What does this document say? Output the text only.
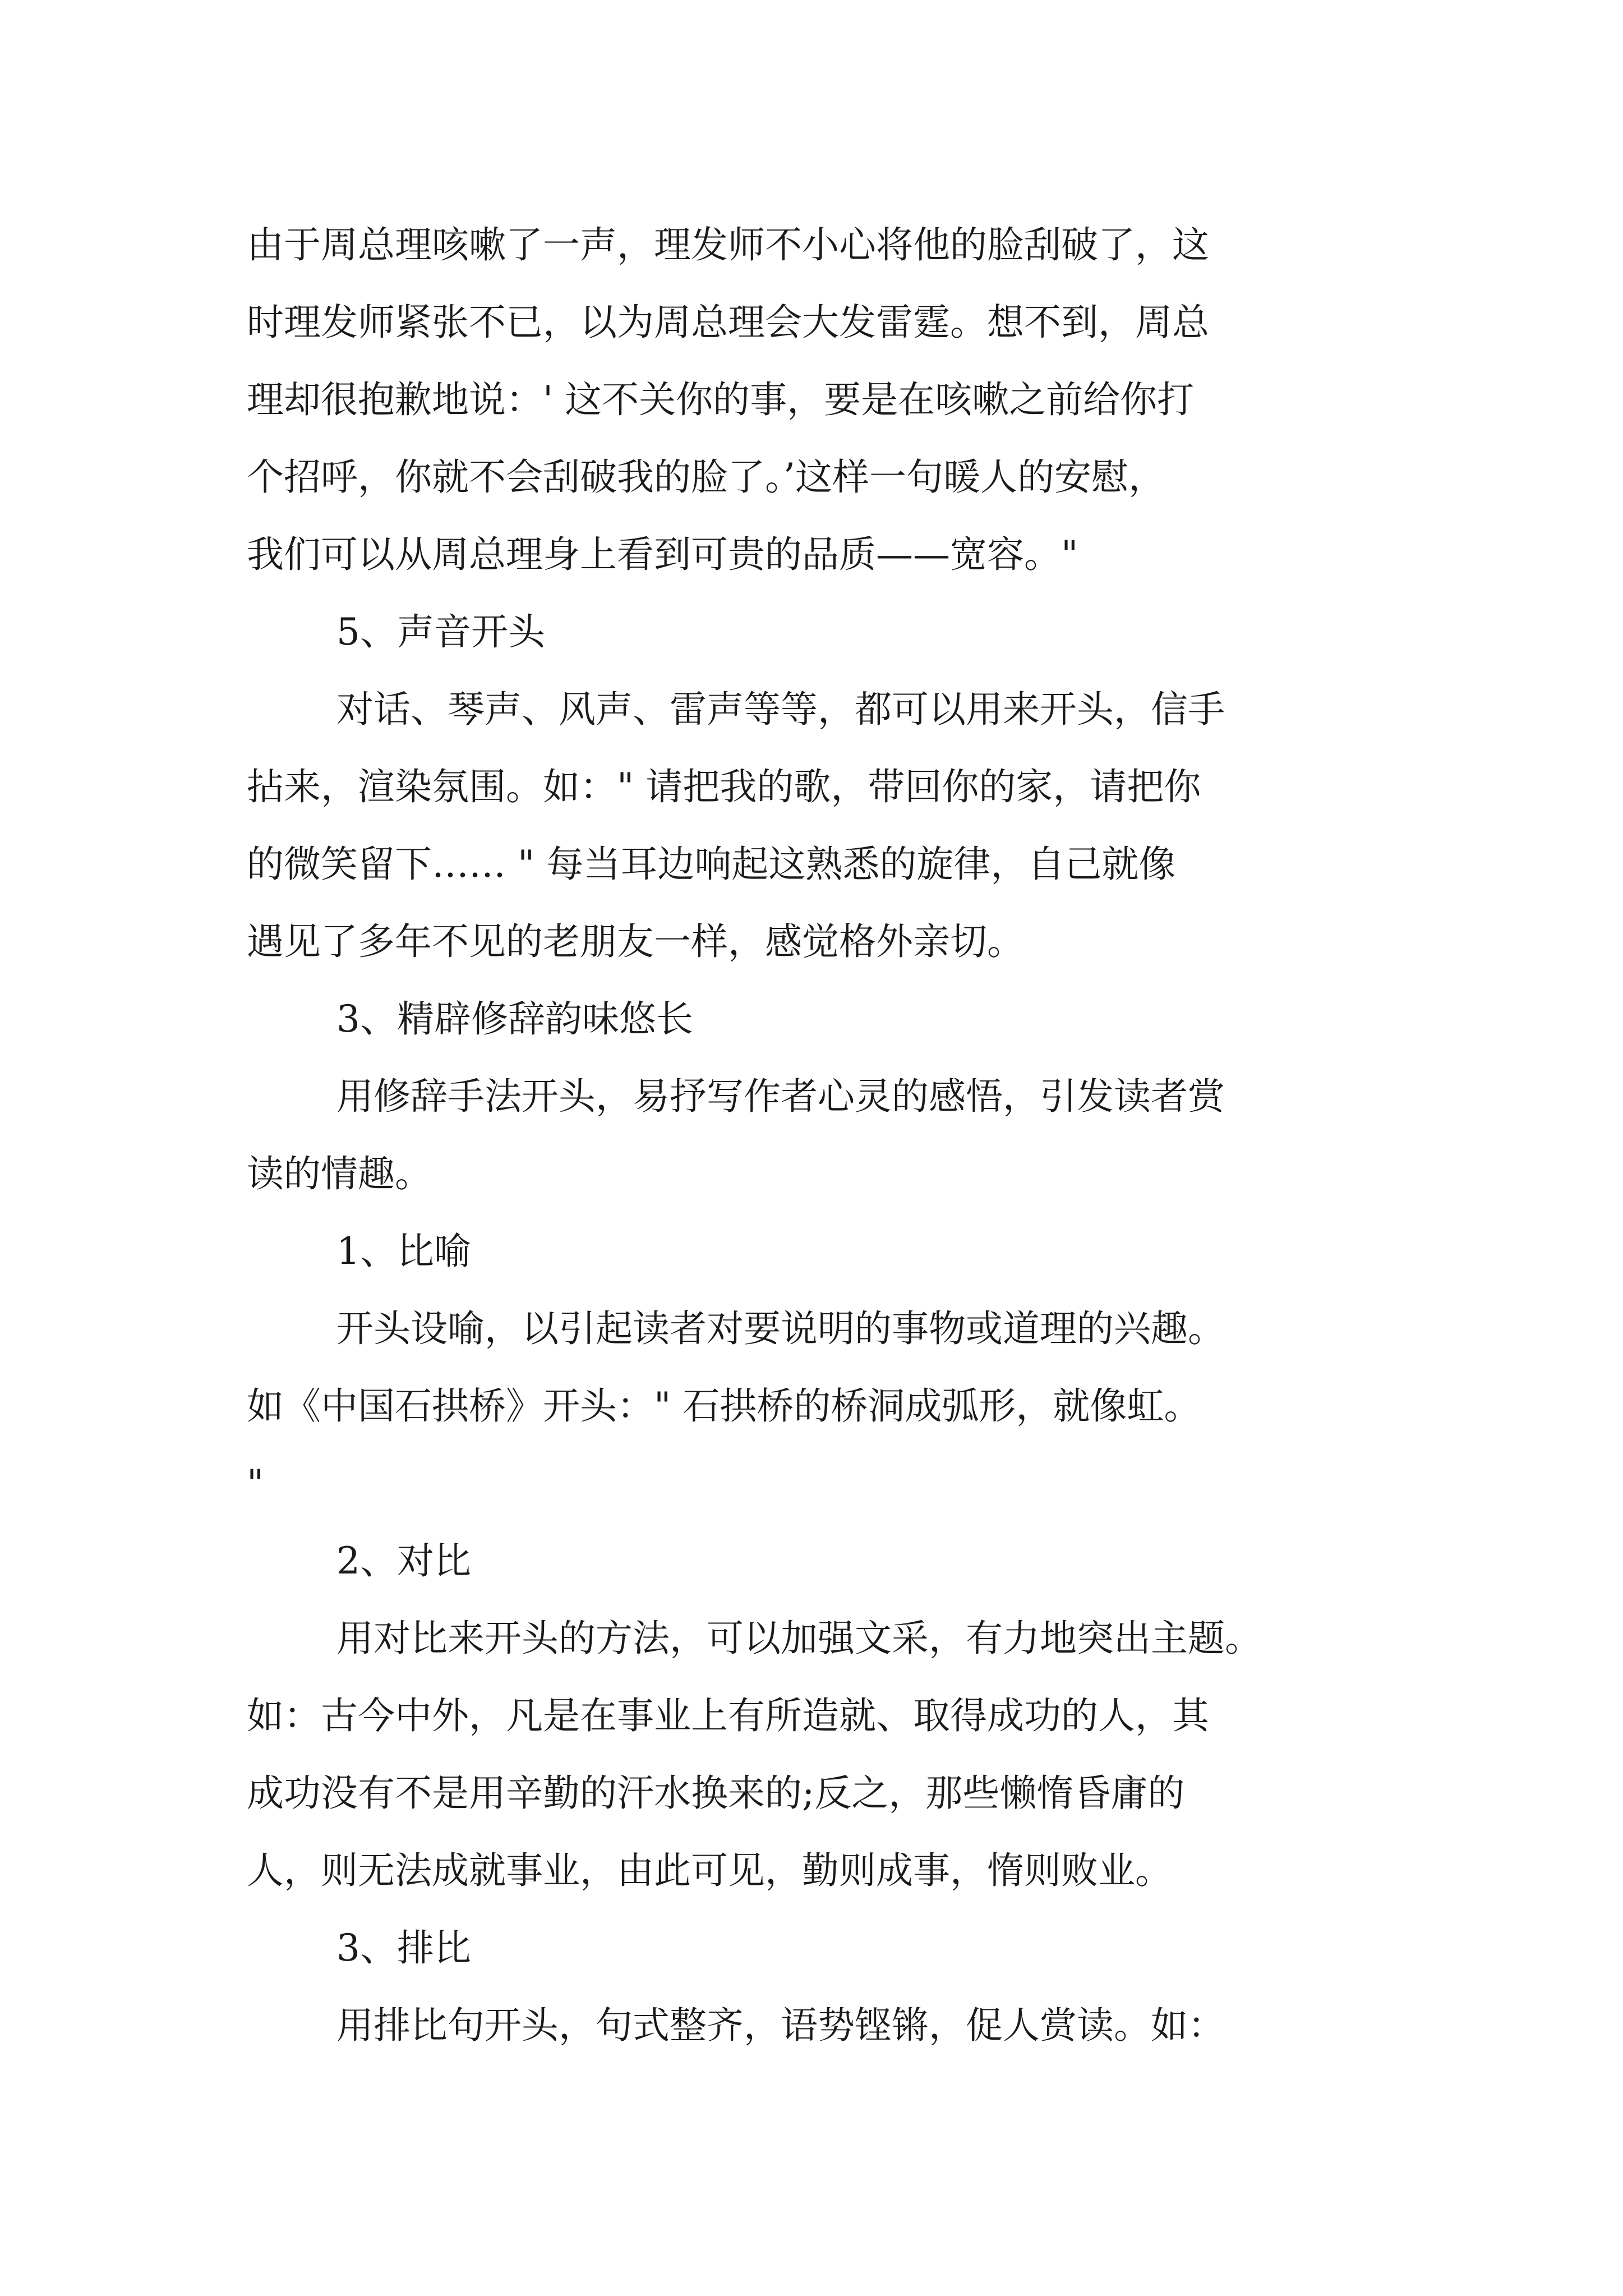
由于周总理咳嗽了一声，理发师不小心将他的脸刮破了，这
时理发师紧张不已，以为周总理会大发雷霆。想不到，周总
理却很抱歉地说：' 这不关你的事，要是在咳嗽之前给你打
个招呼，你就不会刮破我的脸了。’这样一句暖人的安慰，
我们可以从周总理身上看到可贵的品质——宽容。"
5、声音开头
对话、琴声、风声、雷声等等，都可以用来开头，信手
拈来，渲染氛围。如：" 请把我的歌，带回你的家，请把你
的微笑留下…… " 每当耳边响起这熟悉的旋律，自己就像
遇见了多年不见的老朋友一样，感觉格外亲切。
3、精辟修辞韵味悠长
用修辞手法开头，易抒写作者心灵的感悟，引发读者赏
读的情趣。
1、比喻
开头设喻，以引起读者对要说明的事物或道理的兴趣。
如《中国石拱桥》开头：" 石拱桥的桥洞成弧形，就像虹。
"
2、对比
用对比来开头的方法，可以加强文采，有力地突出主题。
如：古今中外，凡是在事业上有所造就、取得成功的人，其
成功没有不是用辛勤的汗水换来的;反之，那些懒惰昏庸的
人，则无法成就事业，由此可见，勤则成事，惰则败业。
3、排比
用排比句开头，句式整齐，语势铿锵，促人赏读。如：
